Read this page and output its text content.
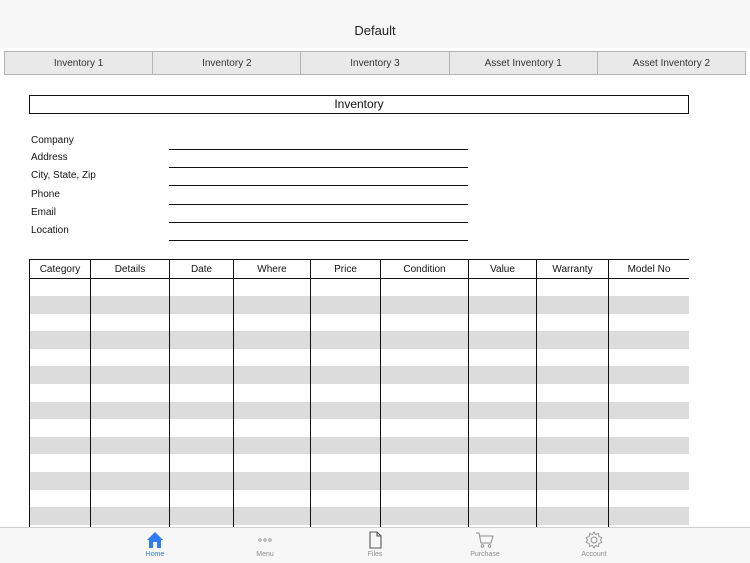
Default
Inventory 1	Inventory 2	Inventory 3	Asset Inventory 1	Asset Inventory 2
Inventory
Company
Address
City, State, Zip
Phone
Email
Location
Category	Details	Date	Where	Price	Condition	Value	Warranty	Model No

Home	Menu	Files	Purchase	Account
